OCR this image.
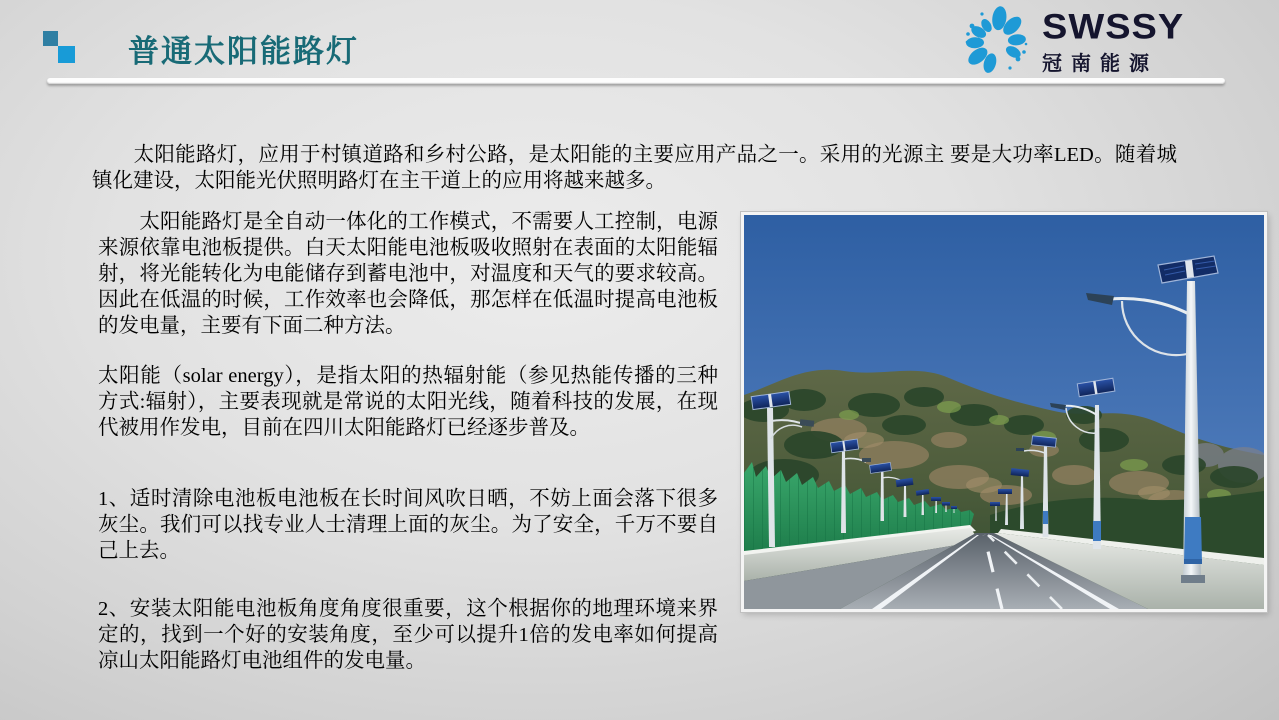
普通太阳能路灯
SWSSY
冠南能源
　　太阳能路灯，应用于村镇道路和乡村公路，是太阳能的主要应用产品之一。采用的光源主 要是大功率LED。随着城镇化建设，太阳能光伏照明路灯在主干道上的应用将越来越多。
　　太阳能路灯是全自动一体化的工作模式，不需要人工控制，电源来源依靠电池板提供。白天太阳能电池板吸收照射在表面的太阳能辐射，将光能转化为电能储存到蓄电池中，对温度和天气的要求较高。因此在低温的时候，工作效率也会降低，那怎样在低温时提高电池板的发电量，主要有下面二种方法。
太阳能（solar energy），是指太阳的热辐射能（参见热能传播的三种方式:辐射），主要表现就是常说的太阳光线，随着科技的发展，在现代被用作发电，目前在四川太阳能路灯已经逐步普及。
1、适时清除电池板电池板在长时间风吹日晒，不妨上面会落下很多灰尘。我们可以找专业人士清理上面的灰尘。为了安全，千万不要自己上去。
2、安装太阳能电池板角度角度很重要，这个根据你的地理环境来界定的，找到一个好的安装角度，至少可以提升1倍的发电率如何提高凉山太阳能路灯电池组件的发电量。
